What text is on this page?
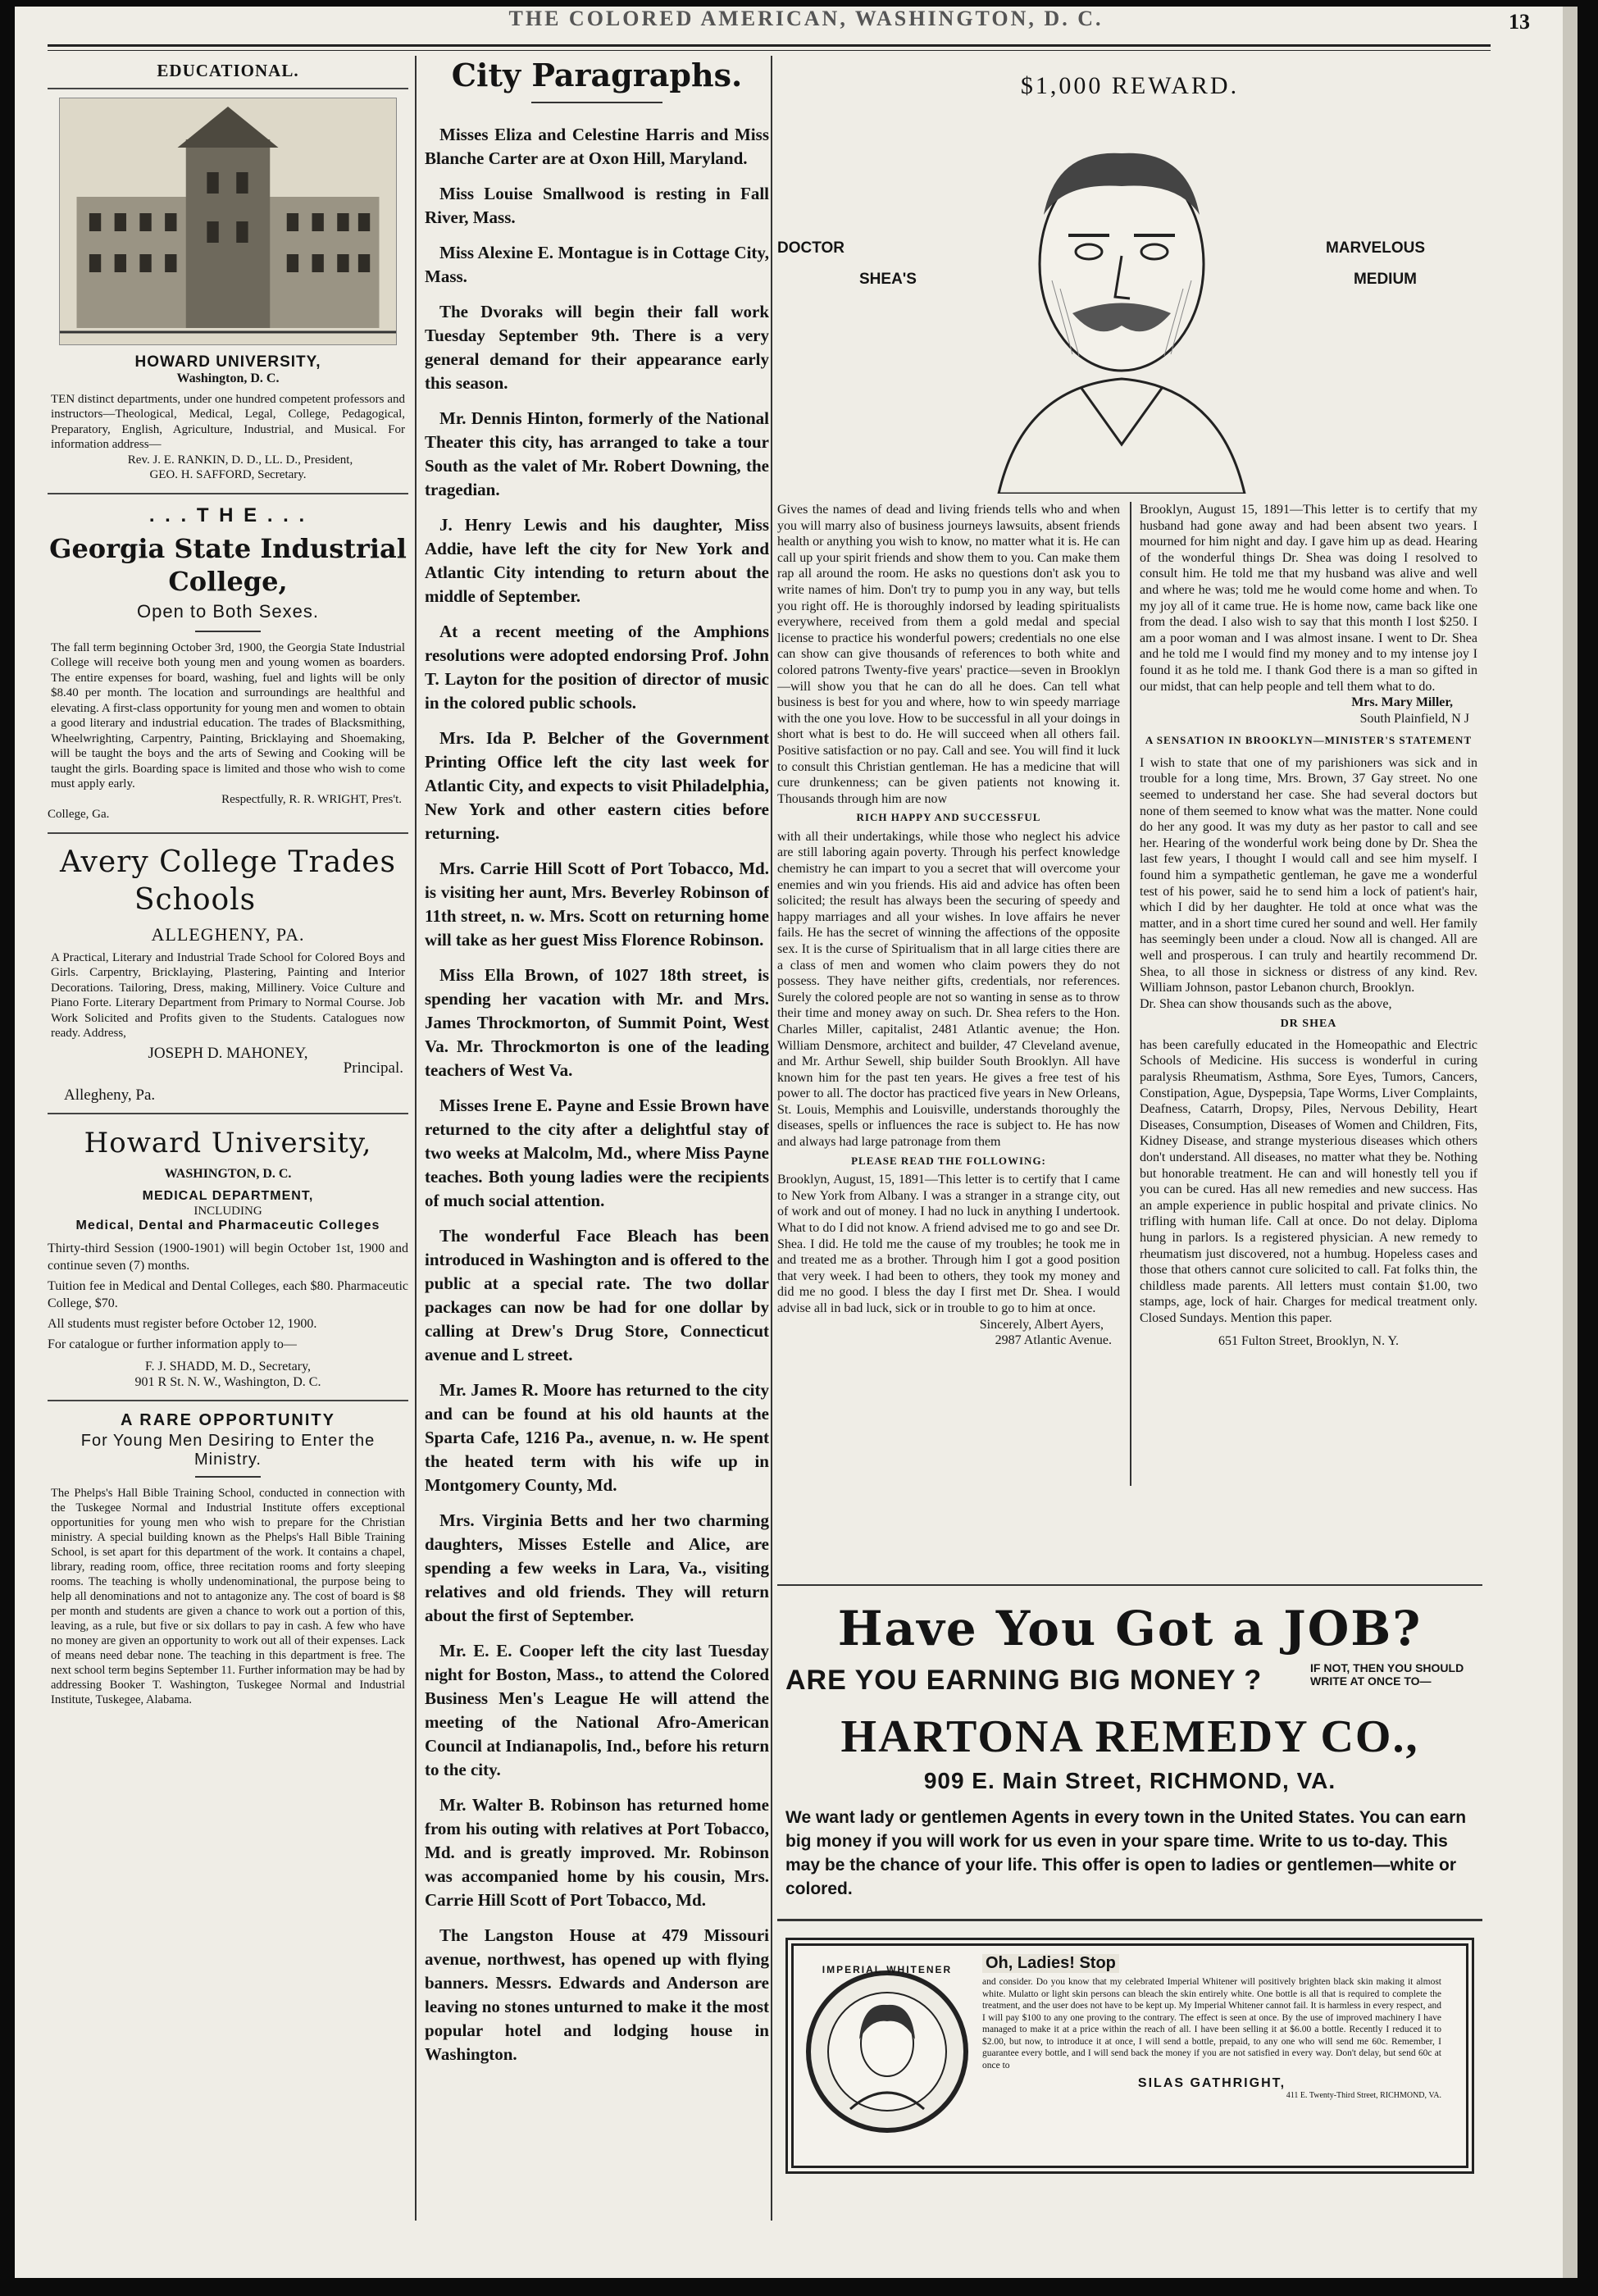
THE COLORED AMERICAN, WASHINGTON, D. C.	13
EDUCATIONAL.
HOWARD UNIVERSITY,
Washington, D. C.
TEN distinct departments, under one hundred competent professors and instructors—Theological, Medical, Legal, College, Pedagogical, Preparatory, English, Agriculture, Industrial, and Musical. For information address—
Rev. J. E. RANKIN, D. D., LL. D., President,
GEO. H. SAFFORD, Secretary.
. . . T H E . . .
Georgia State Industrial College,
Open to Both Sexes.
The fall term beginning October 3rd, 1900, the Georgia State Industrial College will receive both young men and young women as boarders. The entire expenses for board, washing, fuel and lights will be only $8.40 per month. The location and surroundings are healthful and elevating. A first-class opportunity for young men and women to obtain a good literary and industrial education. The trades of Blacksmithing, Wheelwrighting, Carpentry, Painting, Bricklaying and Shoemaking, will be taught the boys and the arts of Sewing and Cooking will be taught the girls. Boarding space is limited and those who wish to come must apply early.
Respectfully, R. R. WRIGHT, Pres't.
College, Ga.
Avery College Trades
Schools
ALLEGHENY, PA.
A Practical, Literary and Industrial Trade School for Colored Boys and Girls. Carpentry, Bricklaying, Plastering, Painting and Interior Decorations. Tailoring, Dress, making, Millinery. Voice Culture and Piano Forte. Literary Department from Primary to Normal Course. Job Work Solicited and Profits given to the Students. Catalogues now ready. Address,
JOSEPH D. MAHONEY,
Principal.
Allegheny, Pa.
Howard University,
WASHINGTON, D. C.
MEDICAL DEPARTMENT,
INCLUDING
Medical, Dental and Pharmaceutic Colleges
Thirty-third Session (1900-1901) will begin October 1st, 1900 and continue seven (7) months.
Tuition fee in Medical and Dental Colleges, each $80. Pharmaceutic College, $70.
All students must register before October 12, 1900.
For catalogue or further information apply to—
F. J. SHADD, M. D., Secretary,
901 R St. N. W., Washington, D. C.
A RARE OPPORTUNITY
For Young Men Desiring to Enter the Ministry.
The Phelps's Hall Bible Training School, conducted in connection with the Tuskegee Normal and Industrial Institute offers exceptional opportunities for young men who wish to prepare for the Christian ministry. A special building known as the Phelps's Hall Bible Training School, is set apart for this department of the work. It contains a chapel, library, reading room, office, three recitation rooms and forty sleeping rooms. The teaching is wholly undenominational, the purpose being to help all denominations and not to antagonize any. The cost of board is $8 per month and students are given a chance to work out a portion of this, leaving, as a rule, but five or six dollars to pay in cash. A few who have no money are given an opportunity to work out all of their expenses. Lack of means need debar none. The teaching in this department is free. The next school term begins September 11. Further information may be had by addressing Booker T. Washington, Tuskegee Normal and Industrial Institute, Tuskegee, Alabama.
City Paragraphs.

Misses Eliza and Celestine Harris and Miss Blanche Carter are at Oxon Hill, Maryland.

Miss Louise Smallwood is resting in Fall River, Mass.

Miss Alexine E. Montague is in Cottage City, Mass.

The Dvoraks will begin their fall work Tuesday September 9th. There is a very general demand for their appearance early this season.

Mr. Dennis Hinton, formerly of the National Theater this city, has arranged to take a tour South as the valet of Mr. Robert Downing, the tragedian.

J. Henry Lewis and his daughter, Miss Addie, have left the city for New York and Atlantic City intending to return about the middle of September.

At a recent meeting of the Amphions resolutions were adopted endorsing Prof. John T. Layton for the position of director of music in the colored public schools.

Mrs. Ida P. Belcher of the Government Printing Office left the city last week for Atlantic City, and expects to visit Philadelphia, New York and other eastern cities before returning.

Mrs. Carrie Hill Scott of Port Tobacco, Md. is visiting her aunt, Mrs. Beverley Robinson of 11th street, n. w. Mrs. Scott on returning home will take as her guest Miss Florence Robinson.

Miss Ella Brown, of 1027 18th street, is spending her vacation with Mr. and Mrs. James Throckmorton, of Summit Point, West Va. Mr. Throckmorton is one of the leading teachers of West Va.

Misses Irene E. Payne and Essie Brown have returned to the city after a delightful stay of two weeks at Malcolm, Md., where Miss Payne teaches. Both young ladies were the recipients of much social attention.

The wonderful Face Bleach has been introduced in Washington and is offered to the public at a special rate. The two dollar packages can now be had for one dollar by calling at Drew's Drug Store, Connecticut avenue and L street.

Mr. James R. Moore has returned to the city and can be found at his old haunts at the Sparta Cafe, 1216 Pa., avenue, n. w. He spent the heated term with his wife up in Montgomery County, Md.

Mrs. Virginia Betts and her two charming daughters, Misses Estelle and Alice, are spending a few weeks in Lara, Va., visiting relatives and old friends. They will return about the first of September.

Mr. E. E. Cooper left the city last Tuesday night for Boston, Mass., to attend the Colored Business Men's League He will attend the meeting of the National Afro-American Council at Indianapolis, Ind., before his return to the city.

Mr. Walter B. Robinson has returned home from his outing with relatives at Port Tobacco, Md. and is greatly improved. Mr. Robinson was accompanied home by his cousin, Mrs. Carrie Hill Scott of Port Tobacco, Md.

The Langston House at 479 Missouri avenue, northwest, has opened up with flying banners. Messrs. Edwards and Anderson are leaving no stones unturned to make it the most popular hotel and lodging house in Washington.

$1,000 REWARD.
DOCTOR
SHEA'S
MARVELOUS
MEDIUM
Gives the names of dead and living friends tells who and when you will marry also of business journeys lawsuits, absent friends health or anything you wish to know, no matter what it is. He can call up your spirit friends and show them to you. Can make them rap all around the room. He asks no questions don't ask you to write names of him. Don't try to pump you in any way, but tells you right off. He is thoroughly indorsed by leading spiritualists everywhere, received from them a gold medal and special license to practice his wonderful powers; credentials no one else can show can give thousands of references to both white and colored patrons Twenty-five years' practice—seven in Brooklyn—will show you that he can do all he does. Can tell what business is best for you and where, how to win speedy marriage with the one you love. How to be successful in all your doings in short what is best to do. He will succeed when all others fail. Positive satisfaction or no pay. Call and see. You will find it luck to consult this Christian gentleman. He has a medicine that will cure drunkenness; can be given patients not knowing it. Thousands through him are now
RICH HAPPY AND SUCCESSFUL
with all their undertakings, while those who neglect his advice are still laboring again poverty. Through his perfect knowledge chemistry he can impart to you a secret that will overcome your enemies and win you friends. His aid and advice has often been solicited; the result has always been the securing of speedy and happy marriages and all your wishes. In love affairs he never fails. He has the secret of winning the affections of the opposite sex. It is the curse of Spiritualism that in all large cities there are a class of men and women who claim powers they do not possess. They have neither gifts, credentials, nor references. Surely the colored people are not so wanting in sense as to throw their time and money away on such. Dr. Shea refers to the Hon. Charles Miller, capitalist, 2481 Atlantic avenue; the Hon. William Densmore, architect and builder, 47 Cleveland avenue, and Mr. Arthur Sewell, ship builder South Brooklyn. All have known him for the past ten years. He gives a free test of his power to all. The doctor has practiced five years in New Orleans, St. Louis, Memphis and Louisville, understands thoroughly the diseases, spells or influences the race is subject to. He has now and always had large patronage from them
PLEASE READ THE FOLLOWING:
Brooklyn, August, 15, 1891—This letter is to certify that I came to New York from Albany. I was a stranger in a strange city, out of work and out of money. I had no luck in anything I undertook. What to do I did not know. A friend advised me to go and see Dr. Shea. I did. He told me the cause of my troubles; he took me in and treated me as a brother. Through him I got a good position that very week. I had been to others, they took my money and did me no good. I bless the day I first met Dr. Shea. I would advise all in bad luck, sick or in trouble to go to him at once.
Sincerely, Albert Ayers,
2987 Atlantic Avenue.
Brooklyn, August 15, 1891—This letter is to certify that my husband had gone away and had been absent two years. I mourned for him night and day. I gave him up as dead. Hearing of the wonderful things Dr. Shea was doing I resolved to consult him. He told me that my husband was alive and well and where he was; told me he would come home and when. To my joy all of it came true. He is home now, came back like one from the dead. I also wish to say that this month I lost $250. I am a poor woman and I was almost insane. I went to Dr. Shea and he told me I would find my money and to my intense joy I found it as he told me. I thank God there is a man so gifted in our midst, that can help people and tell them what to do.
Mrs. Mary Miller,
South Plainfield, N J
A SENSATION IN BROOKLYN—MINISTER'S STATEMENT
I wish to state that one of my parishioners was sick and in trouble for a long time, Mrs. Brown, 37 Gay street. No one seemed to understand her case. She had several doctors but none of them seemed to know what was the matter. None could do her any good. It was my duty as her pastor to call and see her. Hearing of the wonderful work being done by Dr. Shea the last few years, I thought I would call and see him myself. I found him a sympathetic gentleman, he gave me a wonderful test of his power, said he to send him a lock of patient's hair, which I did by her daughter. He told at once what was the matter, and in a short time cured her sound and well. Her family has seemingly been under a cloud. Now all is changed. All are well and prosperous. I can truly and heartily recommend Dr. Shea, to all those in sickness or distress of any kind. Rev. William Johnson, pastor Lebanon church, Brooklyn.
Dr. Shea can show thousands such as the above,
DR SHEA
has been carefully educated in the Homeopathic and Electric Schools of Medicine. His success is wonderful in curing paralysis Rheumatism, Asthma, Sore Eyes, Tumors, Cancers, Constipation, Ague, Dyspepsia, Tape Worms, Liver Complaints, Deafness, Catarrh, Dropsy, Piles, Nervous Debility, Heart Diseases, Consumption, Diseases of Women and Children, Fits, Kidney Disease, and strange mysterious diseases which others don't understand. All diseases, no matter what they be. Nothing but honorable treatment. He can and will honestly tell you if you can be cured. Has all new remedies and new success. Has an ample experience in public hospital and private clinics. No trifling with human life. Call at once. Do not delay. Diploma hung in parlors. Is a registered physician. A new remedy to rheumatism just discovered, not a humbug. Hopeless cases and those that others cannot cure solicited to call. Fat folks thin, the childless made parents. All letters must contain $1.00, two stamps, age, lock of hair. Charges for medical treatment only. Closed Sundays. Mention this paper.
651 Fulton Street, Brooklyn, N. Y.
Have You Got a JOB?
ARE YOU EARNING BIG MONEY ?	IF NOT, THEN YOU SHOULD WRITE AT ONCE TO—
HARTONA REMEDY CO.,
909 E. Main Street, RICHMOND, VA.
We want lady or gentlemen Agents in every town in the United States. You can earn big money if you will work for us even in your spare time. Write to us to-day. This may be the chance of your life. This offer is open to ladies or gentlemen—white or colored.
IMPERIAL WHITENER Oh, Ladies! Stop
and consider. Do you know that my celebrated Imperial Whitener will positively brighten black skin making it almost white. Mulatto or light skin persons can bleach the skin entirely white. One bottle is all that is required to complete the treatment, and the user does not have to be kept up. My Imperial Whitener cannot fail. It is harmless in every respect, and I will pay $100 to any one proving to the contrary. The effect is seen at once. By the use of improved machinery I have managed to make it at a price within the reach of all. I have been selling it at $6.00 a bottle. Recently I reduced it to $2.00, but now, to introduce it at once, I will send a bottle, prepaid, to any one who will send me 60c. Remember, I guarantee every bottle, and I will send back the money if you are not satisfied in every way. Don't delay, but send 60c at once to
SILAS GATHRIGHT,
411 E. Twenty-Third Street, RICHMOND, VA.
